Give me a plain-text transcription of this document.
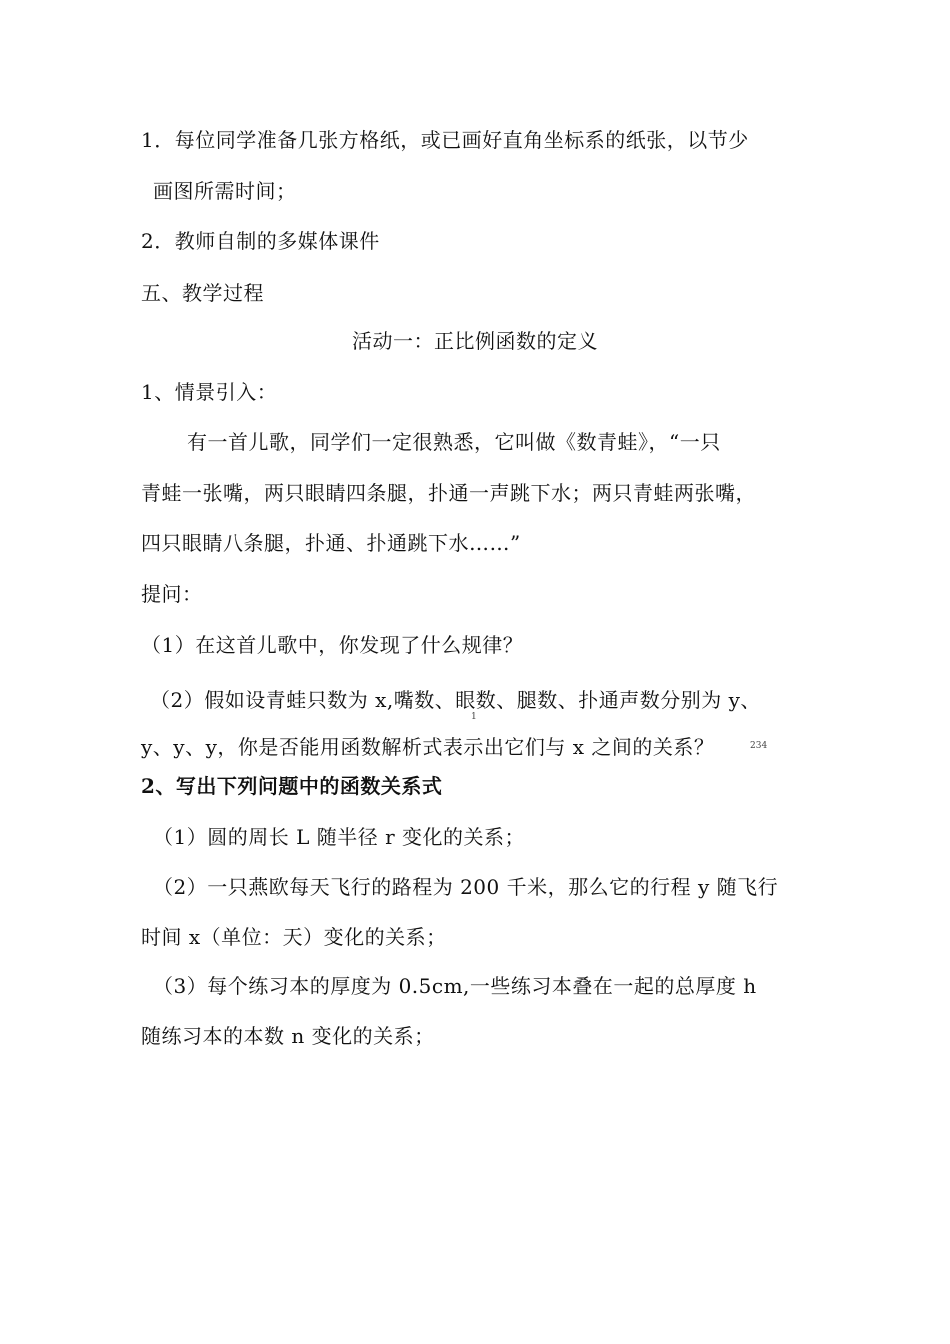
1．每位同学准备几张方格纸，或已画好直角坐标系的纸张，以节少
画图所需时间；
2．教师自制的多媒体课件
五、教学过程
活动一：正比例函数的定义
1、情景引入：
有一首儿歌，同学们一定很熟悉，它叫做《数青蛙》，“一只
青蛙一张嘴，两只眼睛四条腿，扑通一声跳下水；两只青蛙两张嘴，
四只眼睛八条腿，扑通、扑通跳下水……”
提问：
（1）在这首儿歌中，你发现了什么规律？
（2）假如设青蛙只数为 x,嘴数、眼数、腿数、扑通声数分别为 y、
1
y、y、y，你是否能用函数解析式表示出它们与 x 之间的关系？	234
2、写出下列问题中的函数关系式
（1）圆的周长 L 随半径 r 变化的关系；
（2）一只燕欧每天飞行的路程为 200 千米，那么它的行程 y 随飞行
时间 x（单位：天）变化的关系；
（3）每个练习本的厚度为 0.5cm,一些练习本叠在一起的总厚度 h
随练习本的本数 n 变化的关系；
